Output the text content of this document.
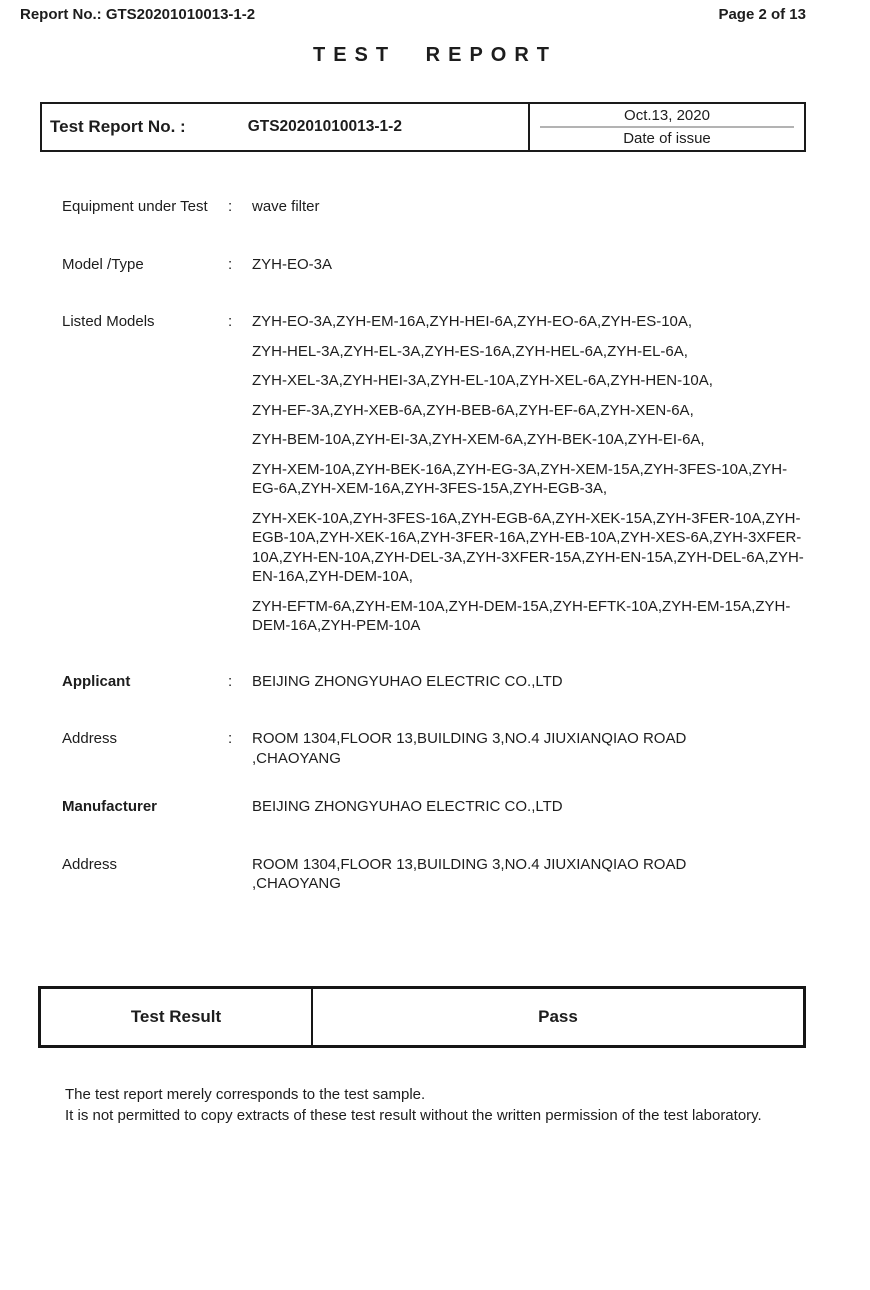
Report No.: GTS20201010013-1-2	Page 2 of 13
TEST REPORT
Test Report No. :	GTS20201010013-1-2
Oct.13, 2020
Date of issue
Equipment under Test	:	wave filter
Model /Type	:	ZYH-EO-3A
Listed Models	:	ZYH-EO-3A,ZYH-EM-16A,ZYH-HEI-6A,ZYH-EO-6A,ZYH-ES-10A,
ZYH-HEL-3A,ZYH-EL-3A,ZYH-ES-16A,ZYH-HEL-6A,ZYH-EL-6A,
ZYH-XEL-3A,ZYH-HEI-3A,ZYH-EL-10A,ZYH-XEL-6A,ZYH-HEN-10A,
ZYH-EF-3A,ZYH-XEB-6A,ZYH-BEB-6A,ZYH-EF-6A,ZYH-XEN-6A,
ZYH-BEM-10A,ZYH-EI-3A,ZYH-XEM-6A,ZYH-BEK-10A,ZYH-EI-6A,
ZYH-XEM-10A,ZYH-BEK-16A,ZYH-EG-3A,ZYH-XEM-15A,ZYH-3FES-10A,ZYH-EG-6A,ZYH-XEM-16A,ZYH-3FES-15A,ZYH-EGB-3A,
ZYH-XEK-10A,ZYH-3FES-16A,ZYH-EGB-6A,ZYH-XEK-15A,ZYH-3FER-10A,ZYH-EGB-10A,ZYH-XEK-16A,ZYH-3FER-16A,ZYH-EB-10A,ZYH-XES-6A,ZYH-3XFER-10A,ZYH-EN-10A,ZYH-DEL-3A,ZYH-3XFER-15A,ZYH-EN-15A,ZYH-DEL-6A,ZYH-EN-16A,ZYH-DEM-10A,
ZYH-EFTM-6A,ZYH-EM-10A,ZYH-DEM-15A,ZYH-EFTK-10A,ZYH-EM-15A,ZYH-DEM-16A,ZYH-PEM-10A
Applicant	:	BEIJING ZHONGYUHAO ELECTRIC CO.,LTD
Address	:	ROOM 1304,FLOOR 13,BUILDING 3,NO.4 JIUXIANQIAO ROAD ,CHAOYANG
Manufacturer	BEIJING ZHONGYUHAO ELECTRIC CO.,LTD
Address	ROOM 1304,FLOOR 13,BUILDING 3,NO.4 JIUXIANQIAO ROAD ,CHAOYANG
Test Result	Pass
The test report merely corresponds to the test sample.
It is not permitted to copy extracts of these test result without the written permission of the test laboratory.
